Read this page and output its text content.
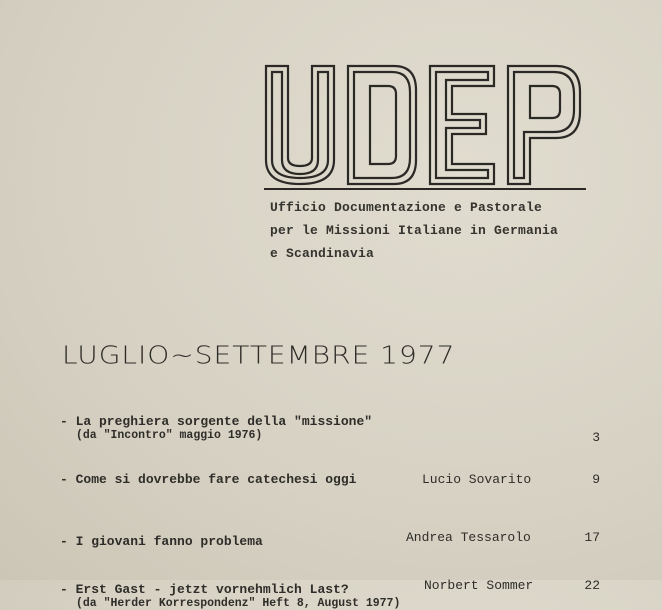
Ufficio Documentazione e Pastorale
per le Missioni Italiane in Germania
e Scandinavia
LUGLIO~SETTEMBRE 1977
- La preghiera sorgente della "missione"
(da "Incontro" maggio 1976)	3
- Come si dovrebbe fare catechesi oggi	Lucio Sovarito	9
- I giovani fanno problema	Andrea Tessarolo	17
- Erst Gast - jetzt vornehmlich Last?
(da "Herder Korrespondenz" Heft 8, August 1977)
Norbert Sommer	22
